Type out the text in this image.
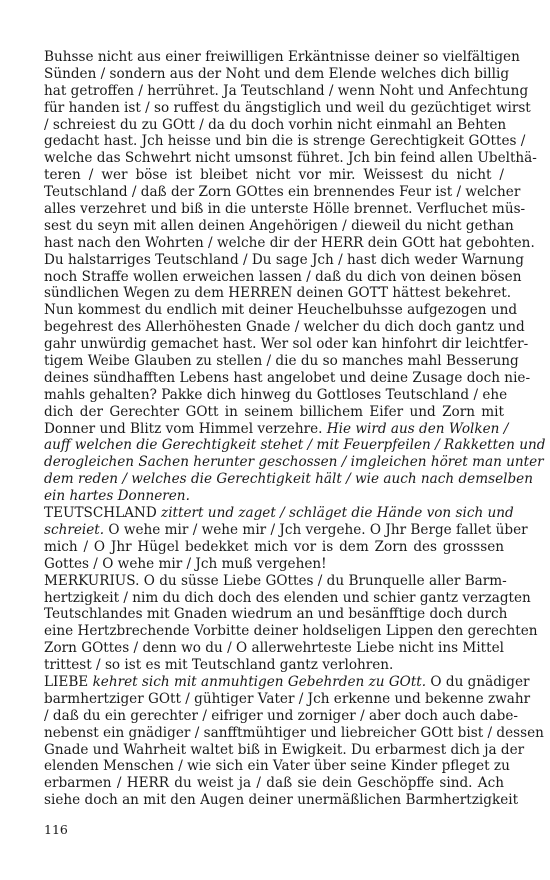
Buhsse nicht aus einer freiwilligen Erkäntnisse deiner so vielfältigen
Sünden / sondern aus der Noht und dem Elende welches dich billig
hat getroffen / herrühret. Ja Teutschland / wenn Noht und Anfechtung
für handen ist / so ruffest du ängstiglich und weil du gezüchtiget wirst
/ schreiest du zu GOtt / da du doch vorhin nicht einmahl an Behten
gedacht hast. Jch heisse und bin die is strenge Gerechtigkeit GOttes /
welche das Schwehrt nicht umsonst führet. Jch bin feind allen Ubelthä-
teren / wer böse ist bleibet nicht vor mir. Weissest du nicht /
Teutschland / daß der Zorn GOttes ein brennendes Feur ist / welcher
alles verzehret und biß in die unterste Hölle brennet. Verfluchet müs-
sest du seyn mit allen deinen Angehörigen / dieweil du nicht gethan
hast nach den Wohrten / welche dir der HERR dein GOtt hat gebohten.
Du halstarriges Teutschland / Du sage Jch / hast dich weder Warnung
noch Straffe wollen erweichen lassen / daß du dich von deinen bösen
sündlichen Wegen zu dem HERREN deinen GOTT hättest bekehret.
Nun kommest du endlich mit deiner Heuchelbuhsse aufgezogen und
begehrest des Allerhöhesten Gnade / welcher du dich doch gantz und
gahr unwürdig gemachet hast. Wer sol oder kan hinfohrt dir leichtfer-
tigem Weibe Glauben zu stellen / die du so manches mahl Besserung
deines sündhafften Lebens hast angelobet und deine Zusage doch nie-
mahls gehalten? Pakke dich hinweg du Gottloses Teutschland / ehe
dich der Gerechter GOtt in seinem billichem Eifer und Zorn mit
Donner und Blitz vom Himmel verzehre. Hie wird aus den Wolken /
auff welchen die Gerechtigkeit stehet / mit Feuerpfeilen / Rakketten und
derogleichen Sachen herunter geschossen / imgleichen höret man unter
dem reden / welches die Gerechtigkeit hält / wie auch nach demselben
ein hartes Donneren.
TEUTSCHLAND zittert und zaget / schläget die Hände von sich und
schreiet. O wehe mir / wehe mir / Jch vergehe. O Jhr Berge fallet über
mich / O Jhr Hügel bedekket mich vor is dem Zorn des grosssen
Gottes / O wehe mir / Jch muß vergehen!
MERKURIUS. O du süsse Liebe GOttes / du Brunquelle aller Barm-
hertzigkeit / nim du dich doch des elenden und schier gantz verzagten
Teutschlandes mit Gnaden wiedrum an und besänfftige doch durch
eine Hertzbrechende Vorbitte deiner holdseligen Lippen den gerechten
Zorn GOttes / denn wo du / O allerwehrteste Liebe nicht ins Mittel
trittest / so ist es mit Teutschland gantz verlohren.
LIEBE kehret sich mit anmuhtigen Gebehrden zu GOtt. O du gnädiger
barmhertziger GOtt / gühtiger Vater / Jch erkenne und bekenne zwahr
/ daß du ein gerechter / eifriger und zorniger / aber doch auch dabe-
nebenst ein gnädiger / sanfftmühtiger und liebreicher GOtt bist / dessen
Gnade und Wahrheit waltet biß in Ewigkeit. Du erbarmest dich ja der
elenden Menschen / wie sich ein Vater über seine Kinder pfleget zu
erbarmen / HERR du weist ja / daß sie dein Geschöpffe sind. Ach
siehe doch an mit den Augen deiner unermäßlichen Barmhertzigkeit
116
